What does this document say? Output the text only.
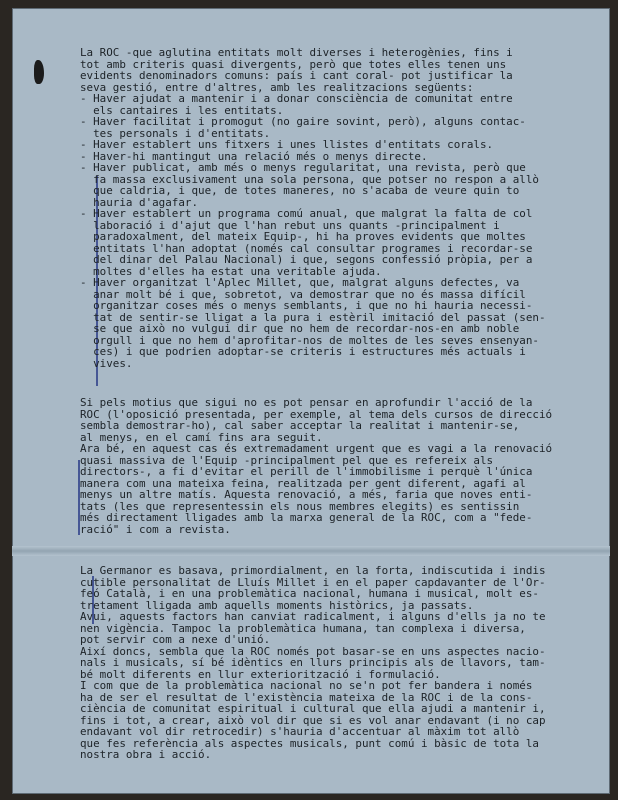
La ROC -que aglutina entitats molt diverses i heterogènies, fins i
tot amb criteris quasi divergents, però que totes elles tenen uns
evidents denominadors comuns: país i cant coral- pot justificar la
seva gestió, entre d'altres, amb les realitzacions següents:
- Haver ajudat a mantenir i a donar consciència de comunitat entre
els cantaires i les entitats.
- Haver facilitat i promogut (no gaire sovint, però), alguns contac-
tes personals i d'entitats.
- Haver establert uns fitxers i unes llistes d'entitats corals.
- Haver-hi mantingut una relació més o menys directe.
- Haver publicat, amb més o menys regularitat, una revista, però que
fa massa exclusivament una sola persona, que potser no respon a allò
que caldria, i que, de totes maneres, no s'acaba de veure quin to
hauria d'agafar.
- Haver establert un programa comú anual, que malgrat la falta de col
laboració i d'ajut que l'han rebut uns quants -principalment i
paradoxalment, del mateix Equip-, hi ha proves evidents que moltes
entitats l'han adoptat (només cal consultar programes i recordar-se
del dinar del Palau Nacional) i que, segons confessió pròpia, per a
moltes d'elles ha estat una veritable ajuda.
- Haver organitzat l'Aplec Millet, que, malgrat alguns defectes, va
anar molt bé i que, sobretot, va demostrar que no és massa difícil
organitzar coses més o menys semblants, i que no hi hauria necessi-
tat de sentir-se lligat a la pura i estèril imitació del passat (sen-
se que això no vulgui dir que no hem de recordar-nos-en amb noble
orgull i que no hem d'aprofitar-nos de moltes de les seves ensenyan-
ces) i que podrien adoptar-se criteris i estructures més actuals i
vives.
Si pels motius que sigui no es pot pensar en aprofundir l'acció de la
ROC (l'oposició presentada, per exemple, al tema dels cursos de direcció
sembla demostrar-ho), cal saber acceptar la realitat i mantenir-se,
al menys, en el camí fins ara seguit.
Ara bé, en aquest cas és extremadament urgent que es vagi a la renovació
quasi massiva de l'Equip -principalment pel que es refereix als
directors-, a fi d'evitar el perill de l'immobilisme i perquè l'única
manera com una mateixa feina, realitzada per gent diferent, agafi al
menys un altre matís. Aquesta renovació, a més, faria que noves enti-
tats (les que representessin els nous membres elegits) es sentissin
més directament lligades amb la marxa general de la ROC, com a "fede-
ració" i com a revista.
La Germanor es basava, primordialment, en la forta, indiscutida i indis
cutible personalitat de Lluís Millet i en el paper capdavanter de l'Or-
feó Català, i en una problemàtica nacional, humana i musical, molt es-
tretament lligada amb aquells moments històrics, ja passats.
Avui, aquests factors han canviat radicalment, i alguns d'ells ja no te
nen vigència. Tampoc la problemàtica humana, tan complexa i diversa,
pot servir com a nexe d'unió.
Així doncs, sembla que la ROC només pot basar-se en uns aspectes nacio-
nals i musicals, sí bé idèntics en llurs principis als de llavors, tam-
bé molt diferents en llur exteriorització i formulació.
I com que de la problemàtica nacional no se'n pot fer bandera i només
ha de ser el resultat de l'existència mateixa de la ROC i de la cons-
ciència de comunitat espiritual i cultural que ella ajudi a mantenir i,
fins i tot, a crear, això vol dir que si es vol anar endavant (i no cap
endavant vol dir retrocedir) s'hauria d'accentuar al màxim tot allò
que fes referència als aspectes musicals, punt comú i bàsic de tota la
nostra obra i acció.
